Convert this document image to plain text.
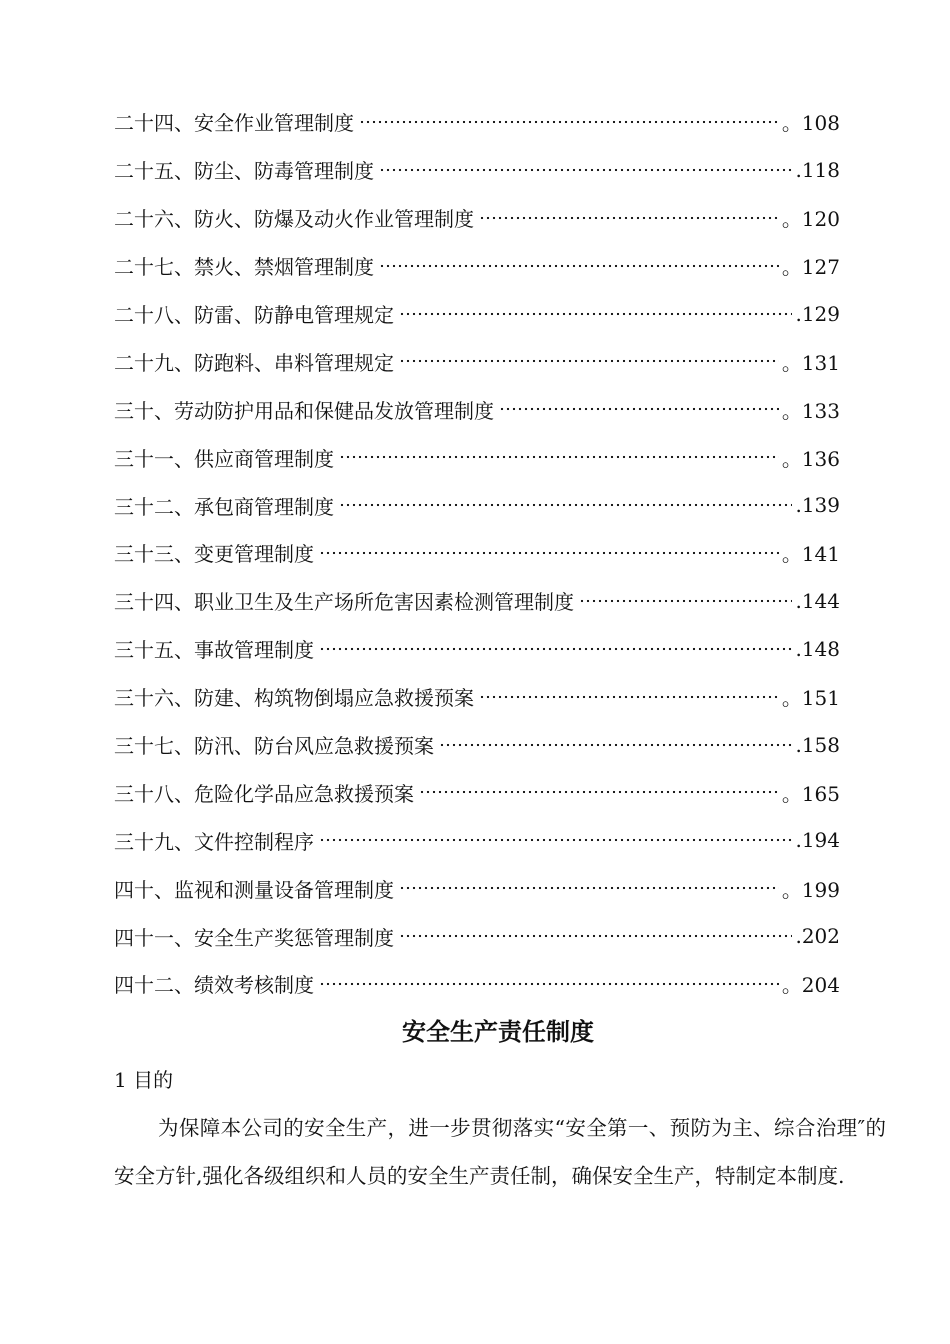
二十四、安全作业管理制度	。108
二十五、防尘、防毒管理制度	.118
二十六、防火、防爆及动火作业管理制度	。120
二十七、禁火、禁烟管理制度	。127
二十八、防雷、防静电管理规定	.129
二十九、防跑料、串料管理规定	。131
三十、劳动防护用品和保健品发放管理制度	。133
三十一、供应商管理制度	。136
三十二、承包商管理制度	.139
三十三、变更管理制度	。141
三十四、职业卫生及生产场所危害因素检测管理制度	.144
三十五、事故管理制度	.148
三十六、防建、构筑物倒塌应急救援预案	。151
三十七、防汛、防台风应急救援预案	.158
三十八、危险化学品应急救援预案	。165
三十九、文件控制程序	.194
四十、监视和测量设备管理制度	。199
四十一、安全生产奖惩管理制度	.202
四十二、绩效考核制度	。204
安全生产责任制度
1 目的
为保障本公司的安全生产，进一步贯彻落实“安全第一、预防为主、综合治理″的安全方针,强化各级组织和人员的安全生产责任制，确保安全生产，特制定本制度.
